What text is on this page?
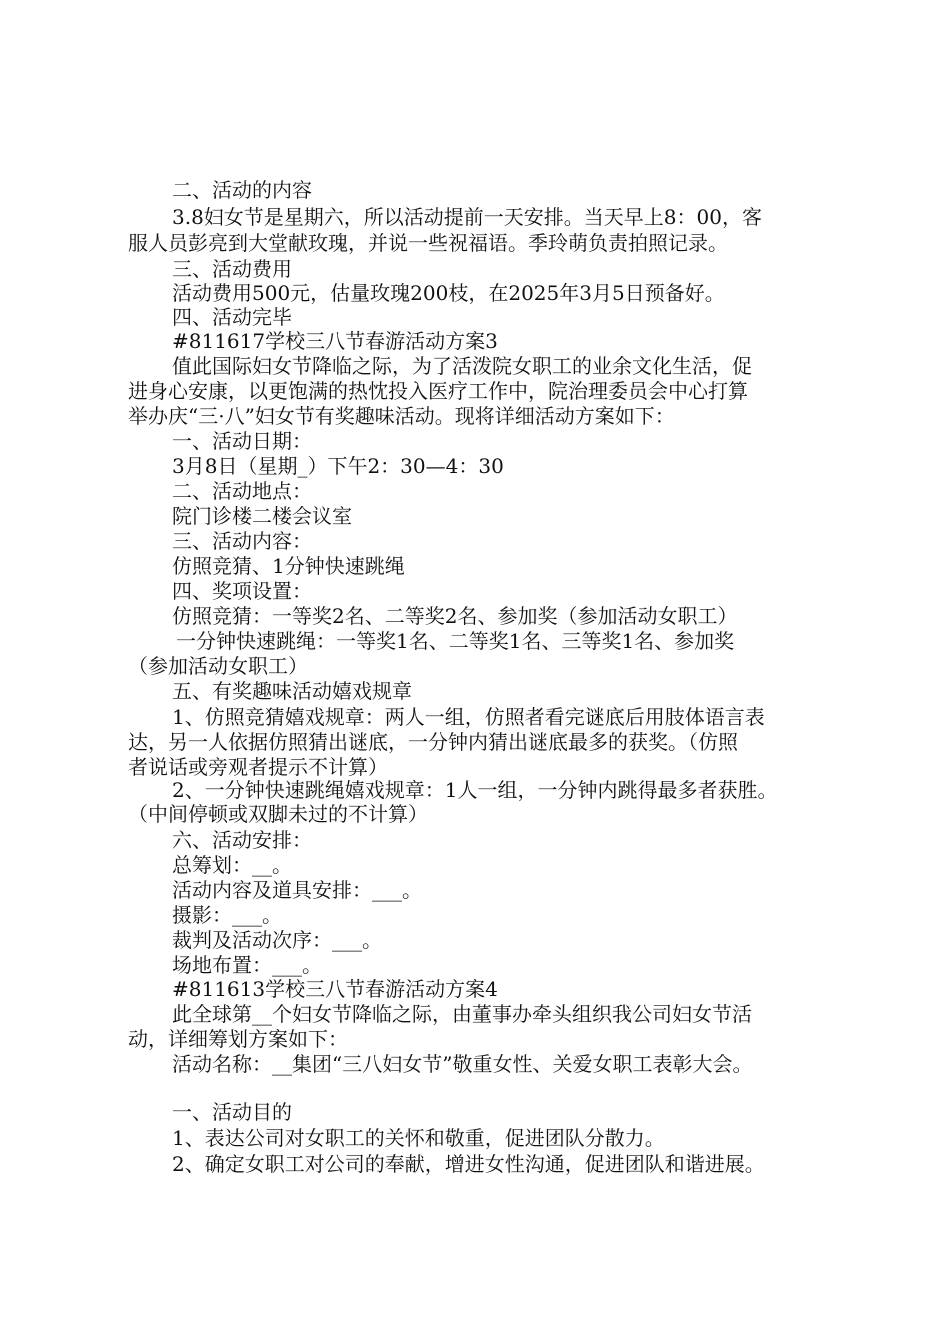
二、活动的内容
3.8妇女节是星期六，所以活动提前一天安排。当天早上8：00，客
服人员彭亮到大堂献玫瑰，并说一些祝福语。季玲萌负责拍照记录。
三、活动费用
活动费用500元，估量玫瑰200枝，在2025年3月5日预备好。
四、活动完毕
#811617学校三八节春游活动方案3
值此国际妇女节降临之际，为了活泼院女职工的业余文化生活，促
进身心安康，以更饱满的热忱投入医疗工作中，院治理委员会中心打算
举办庆“三·八”妇女节有奖趣味活动。现将详细活动方案如下：
一、活动日期：
3月8日（星期_）下午2：30—4：30
二、活动地点：
院门诊楼二楼会议室
三、活动内容：
仿照竞猜、1分钟快速跳绳
四、奖项设置：
仿照竞猜：一等奖2名、二等奖2名、参加奖（参加活动女职工）
一分钟快速跳绳：一等奖1名、二等奖1名、三等奖1名、参加奖
（参加活动女职工）
五、有奖趣味活动嬉戏规章
1、仿照竞猜嬉戏规章：两人一组，仿照者看完谜底后用肢体语言表
达，另一人依据仿照猜出谜底，一分钟内猜出谜底最多的获奖。（仿照
者说话或旁观者提示不计算）
2、一分钟快速跳绳嬉戏规章：1人一组，一分钟内跳得最多者获胜。
（中间停顿或双脚未过的不计算）
六、活动安排：
总筹划：__。
活动内容及道具安排：___。
摄影：___。
裁判及活动次序：___。
场地布置：___。
#811613学校三八节春游活动方案4
此全球第__个妇女节降临之际，由董事办牵头组织我公司妇女节活
动，详细筹划方案如下：
活动名称：__集团“三八妇女节”敬重女性、关爱女职工表彰大会。
一、活动目的
1、表达公司对女职工的关怀和敬重，促进团队分散力。
2、确定女职工对公司的奉献，增进女性沟通，促进团队和谐进展。
